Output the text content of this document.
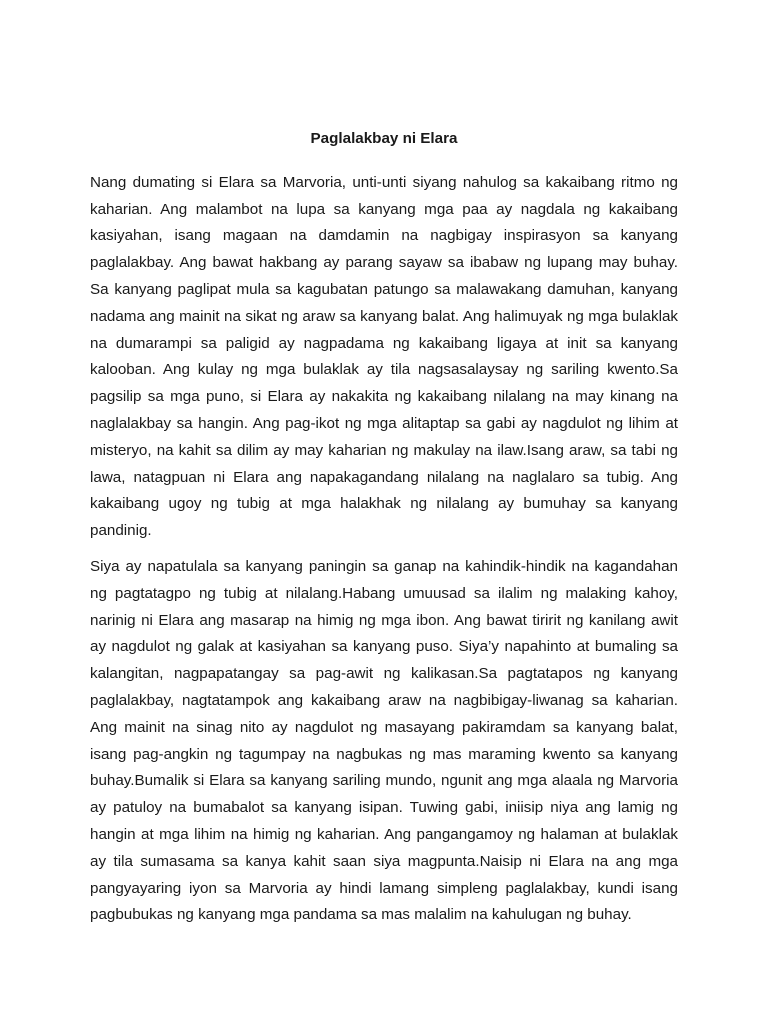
Paglalakbay ni Elara

Nang dumating si Elara sa Marvoria, unti-unti siyang nahulog sa kakaibang ritmo ng kaharian. Ang malambot na lupa sa kanyang mga paa ay nagdala ng kakaibang kasiyahan, isang magaan na damdamin na nagbigay inspirasyon sa kanyang paglalakbay. Ang bawat hakbang ay parang sayaw sa ibabaw ng lupang may buhay. Sa kanyang paglipat mula sa kagubatan patungo sa malawakang damuhan, kanyang nadama ang mainit na sikat ng araw sa kanyang balat. Ang halimuyak ng mga bulaklak na dumarampi sa paligid ay nagpadama ng kakaibang ligaya at init sa kanyang kalooban. Ang kulay ng mga bulaklak ay tila nagsasalaysay ng sariling kwento.Sa pagsilip sa mga puno, si Elara ay nakakita ng kakaibang nilalang na may kinang na naglalakbay sa hangin. Ang pag-ikot ng mga alitaptap sa gabi ay nagdulot ng lihim at misteryo, na kahit sa dilim ay may kaharian ng makulay na ilaw.Isang araw, sa tabi ng lawa, natagpuan ni Elara ang napakagandang nilalang na naglalaro sa tubig. Ang kakaibang ugoy ng tubig at mga halakhak ng nilalang ay bumuhay sa kanyang pandinig.

Siya ay napatulala sa kanyang paningin sa ganap na kahindik-hindik na kagandahan ng pagtatagpo ng tubig at nilalang.Habang umuusad sa ilalim ng malaking kahoy, narinig ni Elara ang masarap na himig ng mga ibon. Ang bawat tiririt ng kanilang awit ay nagdulot ng galak at kasiyahan sa kanyang puso. Siya’y napahinto at bumaling sa kalangitan, nagpapatangay sa pag-awit ng kalikasan.Sa pagtatapos ng kanyang paglalakbay, nagtatampok ang kakaibang araw na nagbibigay-liwanag sa kaharian. Ang mainit na sinag nito ay nagdulot ng masayang pakiramdam sa kanyang balat, isang pag-angkin ng tagumpay na nagbukas ng mas maraming kwento sa kanyang buhay.Bumalik si Elara sa kanyang sariling mundo, ngunit ang mga alaala ng Marvoria ay patuloy na bumabalot sa kanyang isipan. Tuwing gabi, iniisip niya ang lamig ng hangin at mga lihim na himig ng kaharian. Ang pangangamoy ng halaman at bulaklak ay tila sumasama sa kanya kahit saan siya magpunta.Naisip ni Elara na ang mga pangyayaring iyon sa Marvoria ay hindi lamang simpleng paglalakbay, kundi isang pagbubukas ng kanyang mga pandama sa mas malalim na kahulugan ng buhay.
